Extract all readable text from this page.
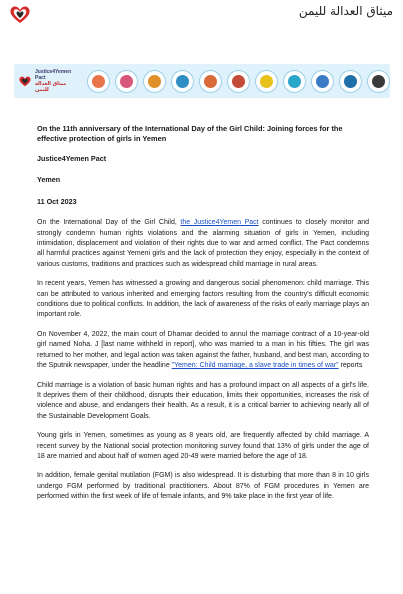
ميثاق العدالة لليمن
Justice4Yemen Pact
ميثاق العدالة لليمن

On the 11th anniversary of the International Day of the Girl Child: Joining forces for the effective protection of girls in Yemen

Justice4Yemen Pact

Yemen

11 Oct 2023

On the International Day of the Girl Child, the Justice4Yemen Pact continues to closely monitor and strongly condemn human rights violations and the alarming situation of girls in Yemen, including intimidation, displacement and violation of their rights due to war and armed conflict. The Pact condemns all harmful practices against Yemeni girls and the lack of protection they enjoy, especially in the context of various customs, traditions and practices such as widespread child marriage in rural areas.

In recent years, Yemen has witnessed a growing and dangerous social phenomenon: child marriage. This can be attributed to various inherited and emerging factors resulting from the country's difficult economic conditions due to political conflicts. In addition, the lack of awareness of the risks of early marriage plays an important role.

On November 4, 2022, the main court of Dhamar decided to annul the marriage contract of a 10-year-old girl named Noha. J [last name withheld in report], who was married to a man in his fifties. The girl was returned to her mother, and legal action was taken against the father, husband, and best man, according to the Sputnik newspaper, under the headline "Yemen: Child marriage, a slave trade in times of war" reports

Child marriage is a violation of basic human rights and has a profound impact on all aspects of a girl's life. It deprives them of their childhood, disrupts their education, limits their opportunities, increases the risk of violence and abuse, and endangers their health. As a result, it is a critical barrier to achieving nearly all of the Sustainable Development Goals.

Young girls in Yemen, sometimes as young as 8 years old, are frequently affected by child marriage. A recent survey by the National social protection monitoring survey found that 13% of girls under the age of 18 are married and about half of women aged 20-49 were married before the age of 18.

In addition, female genital mutilation (FGM) is also widespread. It is disturbing that more than 8 in 10 girls undergo FGM performed by traditional practitioners. About 87% of FGM procedures in Yemen are performed within the first week of life of female infants, and 9% take place in the first year of life.
